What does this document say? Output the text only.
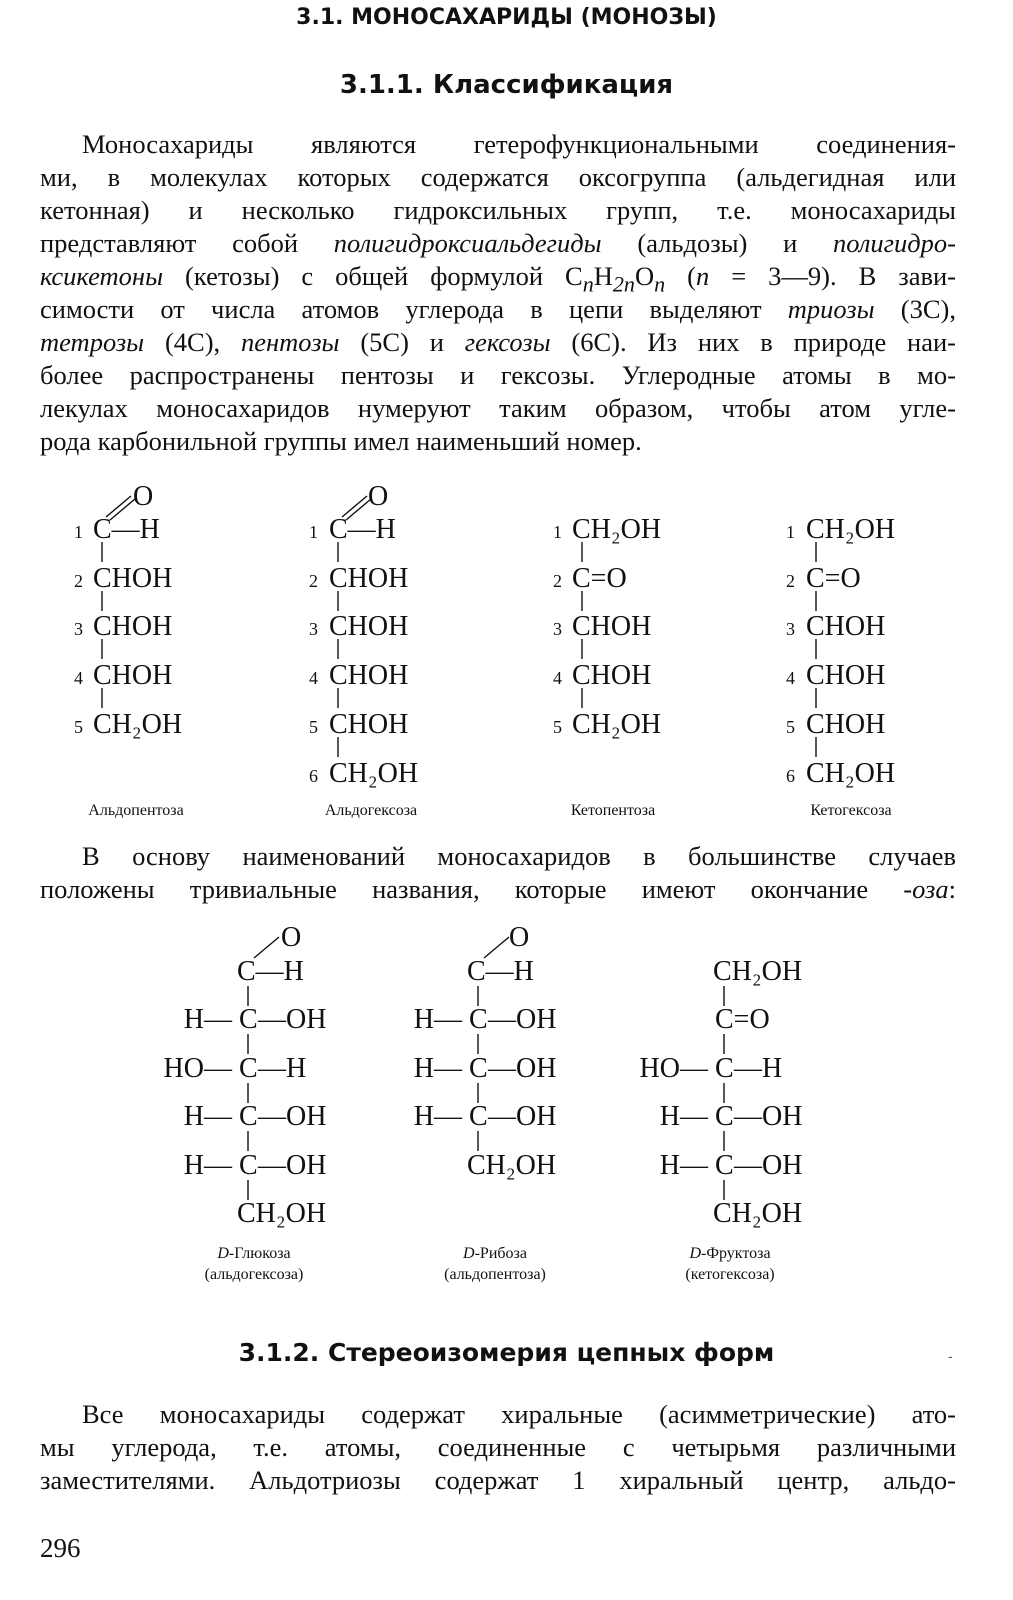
3.1. МОНОСАХАРИДЫ (МОНОЗЫ)
3.1.1. Классификация
Моносахариды являются гетерофункциональными соединения-
ми, в молекулах которых содержатся оксогруппа (альдегидная или
кетонная) и несколько гидроксильных групп, т.е. моносахариды
представляют собой полигидроксиальдегиды (альдозы) и полигидро-
ксикетоны (кетозы) с общей формулой $C_nH_{2n}O_n$ (n = 3—9). В зави-
симости от числа атомов углерода в цепи выделяют триозы (3С),
тетрозы (4С), пентозы (5С) и гексозы (6С). Из них в природе наи-
более распространены пентозы и гексозы. Углеродные атомы в мо-
лекулах моносахаридов нумеруют таким образом, чтобы атом угле-
рода карбонильной группы имел наименьший номер.
1 C—H
O
2 CHOH
3 CHOH
4 CHOH
5 CH₂OH
1 C—H
O
2 CHOH
3 CHOH
4 CHOH
5 CHOH
6 CH₂OH
1 CH₂OH
2 C=O
3 CHOH
4 CHOH
5 CH₂OH
1 CH₂OH
2 C=O
3 CHOH
4 CHOH
5 CHOH
6 CH₂OH
Альдопентоза	Альдогексоза	Кетопентоза	Кетогексоза
В основу наименований моносахаридов в большинстве случаев
положены тривиальные названия, которые имеют окончание -оза:
O
C—H
H— C —OH
HO— C —H
H— C —OH
H— C —OH
CH₂OH
O
C—H
H— C —OH
H— C —OH
H— C —OH
CH₂OH
CH₂OH
C=O
HO— C —H
H— C —OH
H— C —OH
CH₂OH
D-Глюкоза
(альдогексоза)
D-Рибоза
(альдопентоза)
D-Фруктоза
(кетогексоза)
3.1.2. Стереоизомерия цепных форм	-
Все моносахариды содержат хиральные (асимметрические) ато-
мы углерода, т.е. атомы, соединенные с четырьмя различными
заместителями. Альдотриозы содержат 1 хиральный центр, альдо-
296
